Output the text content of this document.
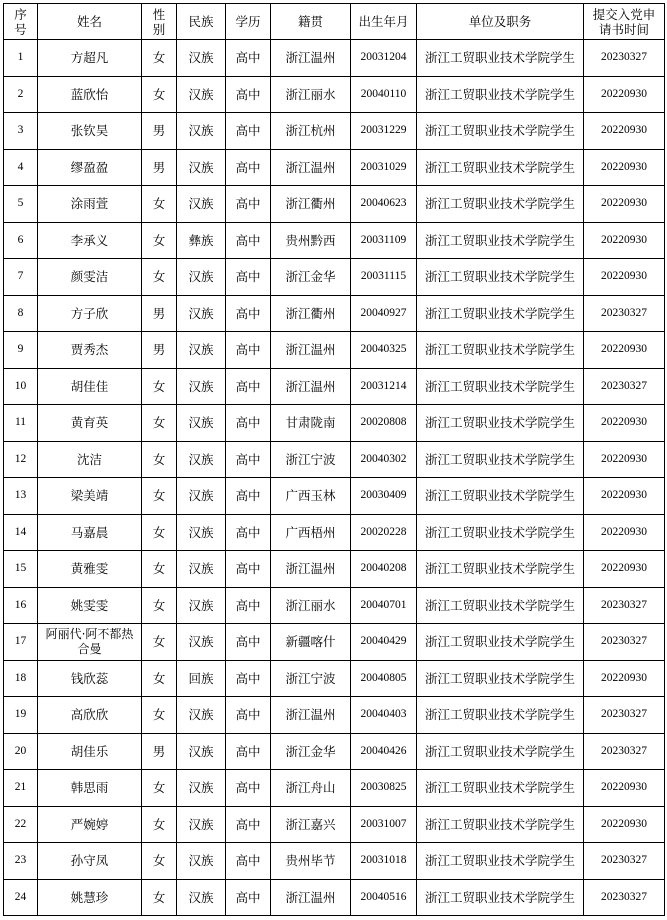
序号	姓名	性别	民族	学历	籍贯	出生年月	单位及职务	提交入党申请书时间
1	方超凡	女	汉族	高中	浙江温州	20031204	浙江工贸职业技术学院学生	20230327
2	蓝欣怡	女	汉族	高中	浙江丽水	20040110	浙江工贸职业技术学院学生	20220930
3	张钦昊	男	汉族	高中	浙江杭州	20031229	浙江工贸职业技术学院学生	20220930
4	缪盈盈	男	汉族	高中	浙江温州	20031029	浙江工贸职业技术学院学生	20220930
5	涂雨萱	女	汉族	高中	浙江衢州	20040623	浙江工贸职业技术学院学生	20220930
6	李承义	女	彝族	高中	贵州黔西	20031109	浙江工贸职业技术学院学生	20220930
7	颜雯洁	女	汉族	高中	浙江金华	20031115	浙江工贸职业技术学院学生	20220930
8	方子欣	男	汉族	高中	浙江衢州	20040927	浙江工贸职业技术学院学生	20230327
9	贾秀杰	男	汉族	高中	浙江温州	20040325	浙江工贸职业技术学院学生	20220930
10	胡佳佳	女	汉族	高中	浙江温州	20031214	浙江工贸职业技术学院学生	20230327
11	黄育英	女	汉族	高中	甘肃陇南	20020808	浙江工贸职业技术学院学生	20220930
12	沈洁	女	汉族	高中	浙江宁波	20040302	浙江工贸职业技术学院学生	20220930
13	梁美靖	女	汉族	高中	广西玉林	20030409	浙江工贸职业技术学院学生	20220930
14	马嘉晨	女	汉族	高中	广西梧州	20020228	浙江工贸职业技术学院学生	20220930
15	黄雅雯	女	汉族	高中	浙江温州	20040208	浙江工贸职业技术学院学生	20220930
16	姚雯雯	女	汉族	高中	浙江丽水	20040701	浙江工贸职业技术学院学生	20230327
17	阿丽代·阿不都热合曼	女	汉族	高中	新疆喀什	20040429	浙江工贸职业技术学院学生	20230327
18	钱欣蕊	女	回族	高中	浙江宁波	20040805	浙江工贸职业技术学院学生	20220930
19	高欣欣	女	汉族	高中	浙江温州	20040403	浙江工贸职业技术学院学生	20230327
20	胡佳乐	男	汉族	高中	浙江金华	20040426	浙江工贸职业技术学院学生	20230327
21	韩思雨	女	汉族	高中	浙江舟山	20030825	浙江工贸职业技术学院学生	20220930
22	严婉婷	女	汉族	高中	浙江嘉兴	20031007	浙江工贸职业技术学院学生	20220930
23	孙守凤	女	汉族	高中	贵州毕节	20031018	浙江工贸职业技术学院学生	20230327
24	姚慧珍	女	汉族	高中	浙江温州	20040516	浙江工贸职业技术学院学生	20230327
